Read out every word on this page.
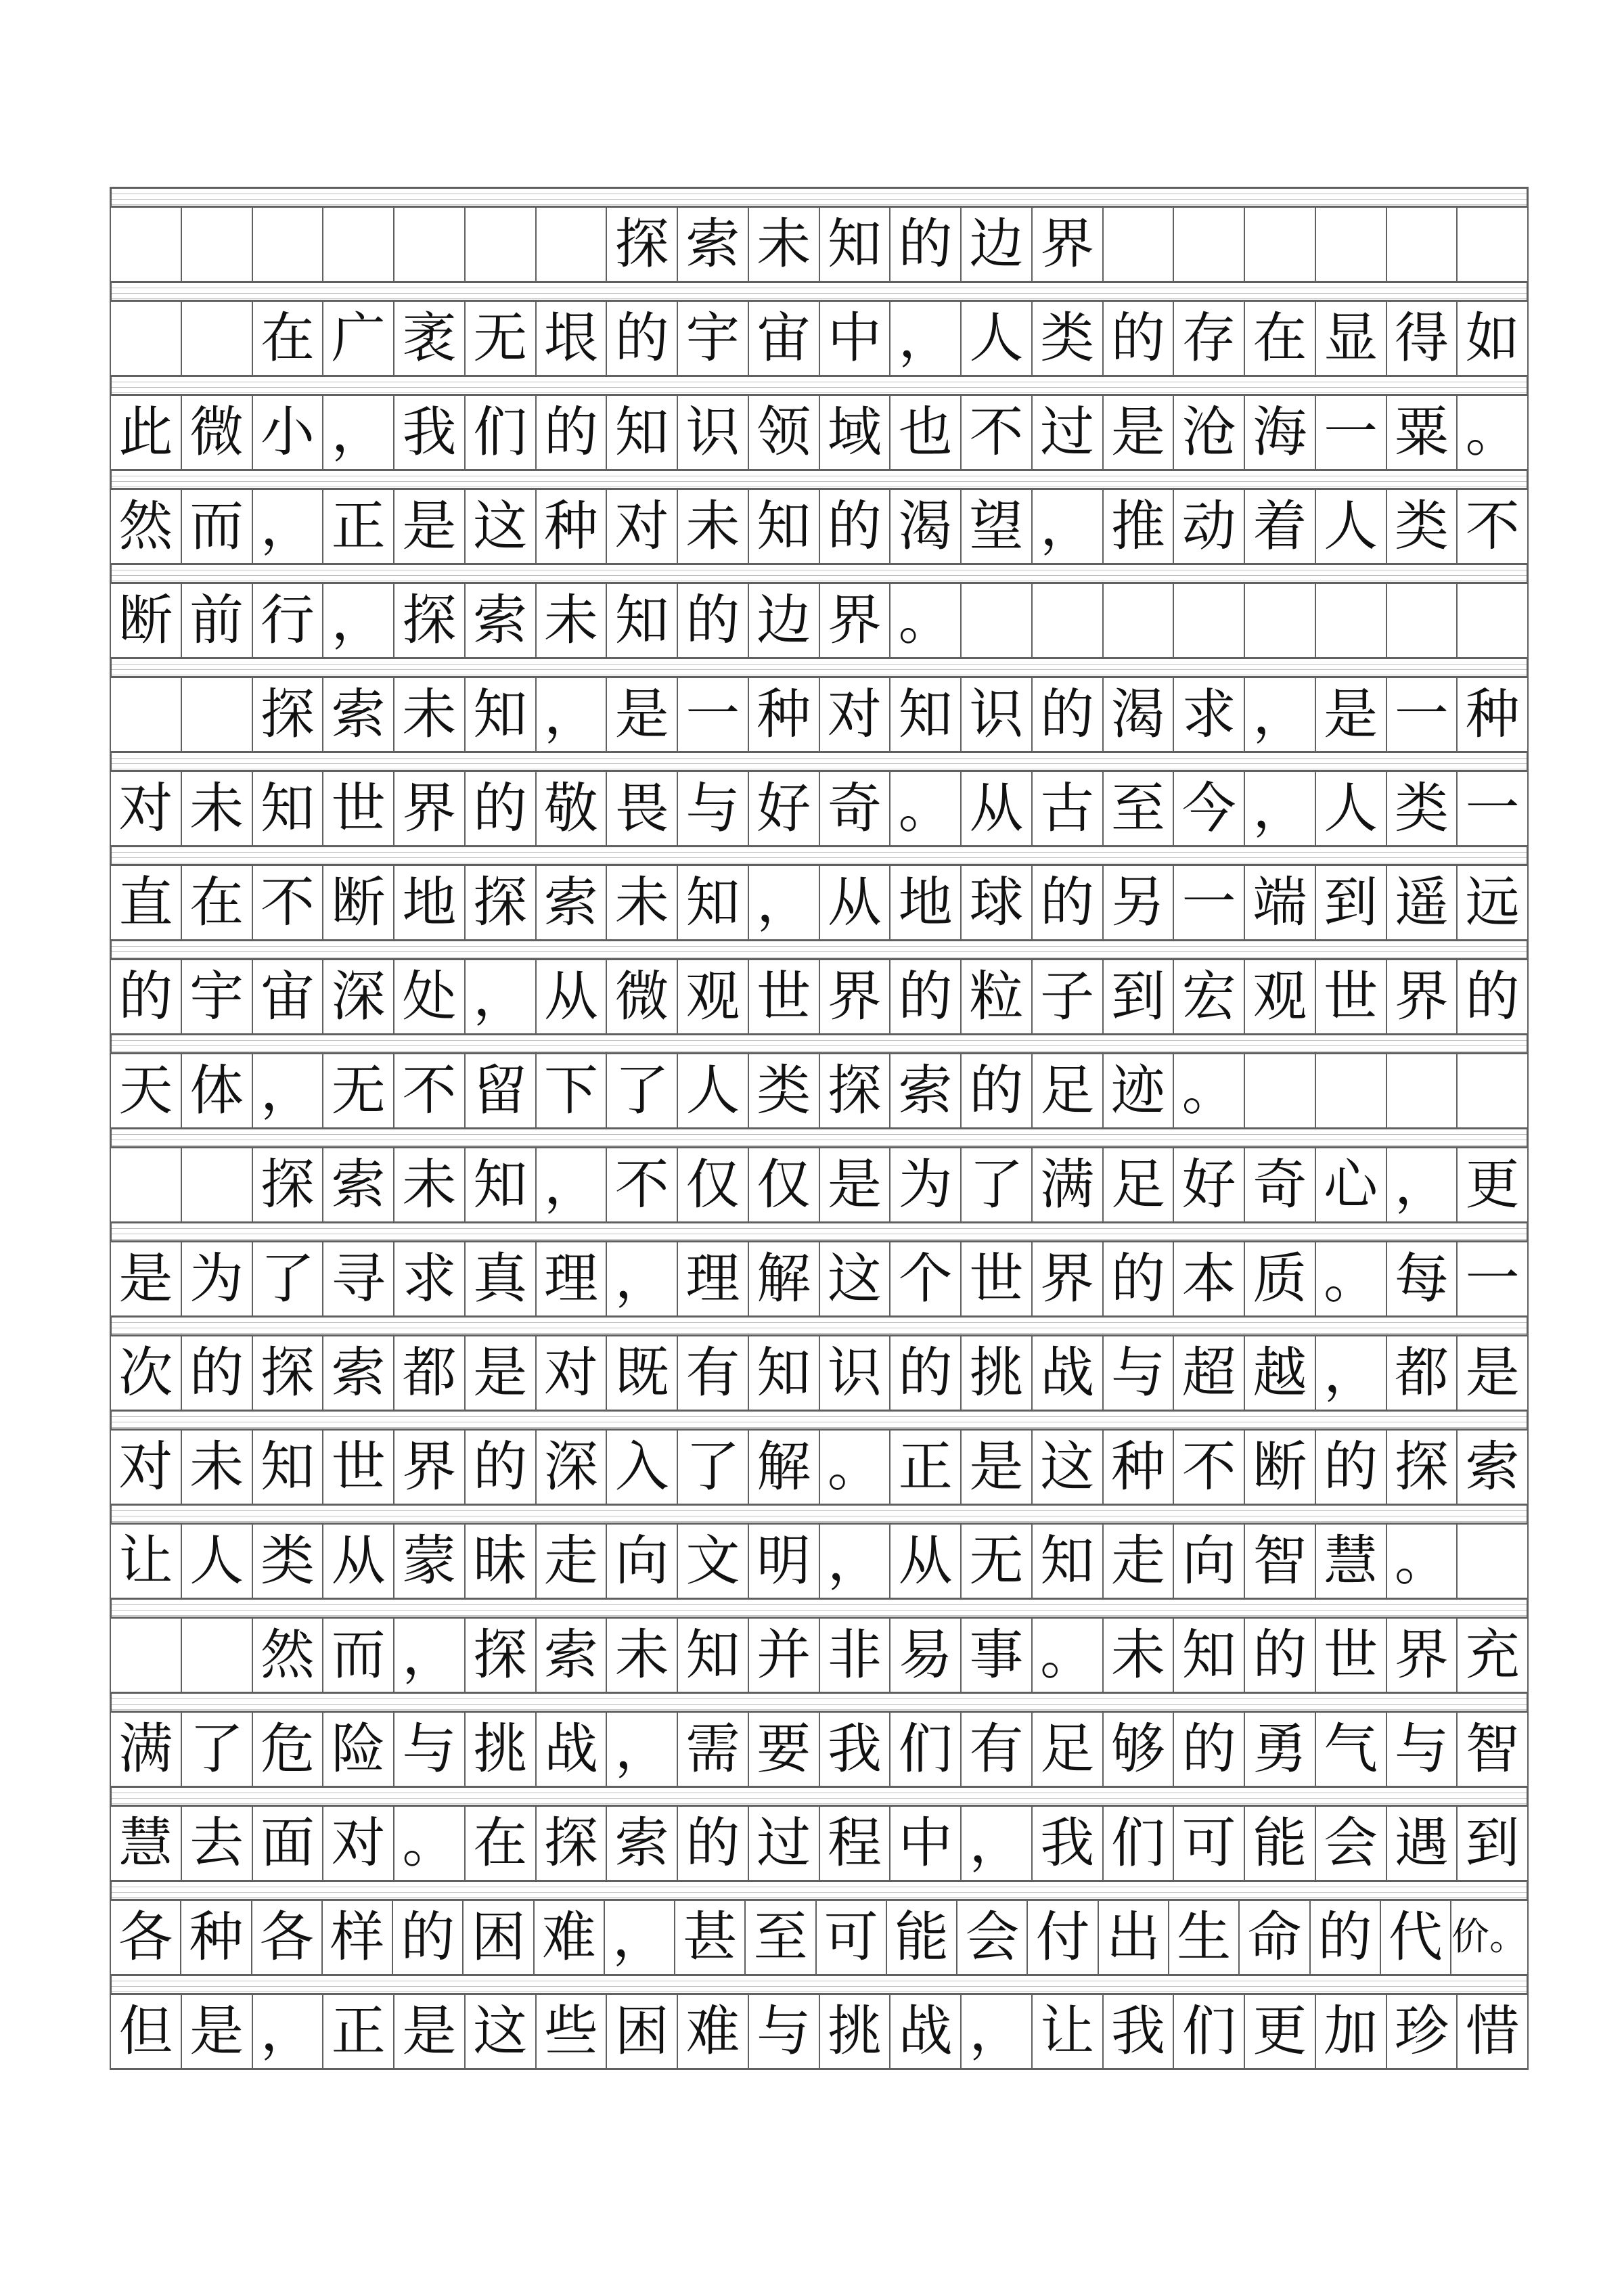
探 索 未 知 的 边 界
在 广 袤 无 垠 的 宇 宙 中 ， 人 类 的 存 在 显 得 如
此 微 小 ， 我 们 的 知 识 领 域 也 不 过 是 沧 海 一 粟 。
然 而 ， 正 是 这 种 对 未 知 的 渴 望 ， 推 动 着 人 类 不
断 前 行 ， 探 索 未 知 的 边 界 。
探 索 未 知 ， 是 一 种 对 知 识 的 渴 求 ， 是 一 种
对 未 知 世 界 的 敬 畏 与 好 奇 。 从 古 至 今 ， 人 类 一
直 在 不 断 地 探 索 未 知 ， 从 地 球 的 另 一 端 到 遥 远
的 宇 宙 深 处 ， 从 微 观 世 界 的 粒 子 到 宏 观 世 界 的
天 体 ， 无 不 留 下 了 人 类 探 索 的 足 迹 。
探 索 未 知 ， 不 仅 仅 是 为 了 满 足 好 奇 心 ， 更
是 为 了 寻 求 真 理 ， 理 解 这 个 世 界 的 本 质 。 每 一
次 的 探 索 都 是 对 既 有 知 识 的 挑 战 与 超 越 ， 都 是
对 未 知 世 界 的 深 入 了 解 。 正 是 这 种 不 断 的 探 索
让 人 类 从 蒙 昧 走 向 文 明 ， 从 无 知 走 向 智 慧 。
然 而 ， 探 索 未 知 并 非 易 事 。 未 知 的 世 界 充
满 了 危 险 与 挑 战 ， 需 要 我 们 有 足 够 的 勇 气 与 智
慧 去 面 对 。 在 探 索 的 过 程 中 ， 我 们 可 能 会 遇 到
各 种 各 样 的 困 难 ， 甚 至 可 能 会 付 出 生 命 的 代 价。
但 是 ， 正 是 这 些 困 难 与 挑 战 ， 让 我 们 更 加 珍 惜
